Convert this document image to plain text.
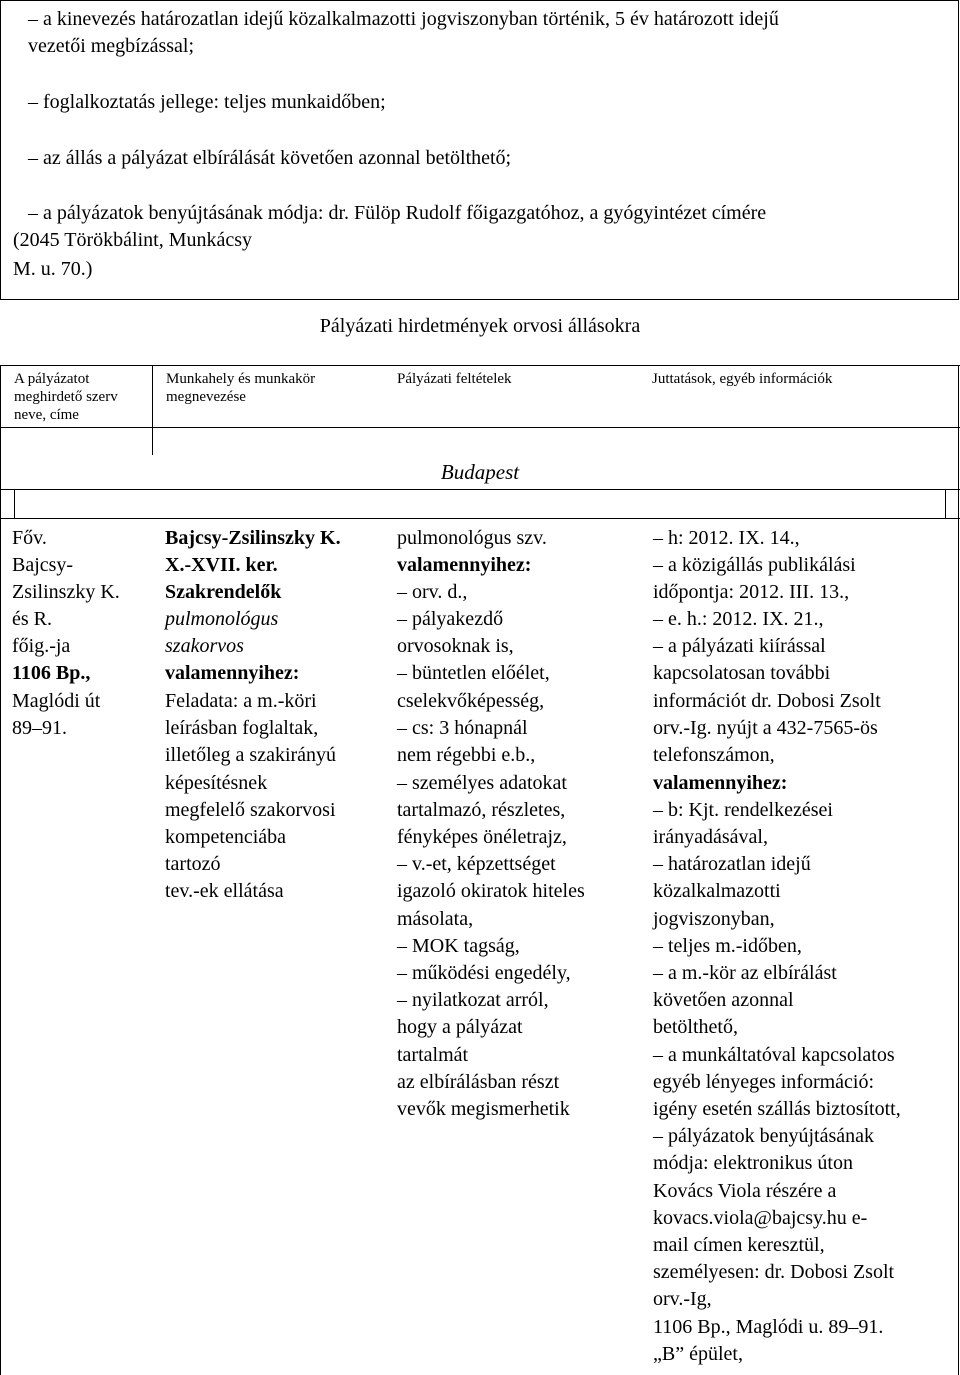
– a kinevezés határozatlan idejű közalkalmazotti jogviszonyban történik, 5 év határozott idejű
vezetői megbízással;
– foglalkoztatás jellege: teljes munkaidőben;
– az állás a pályázat elbírálását követően azonnal betölthető;
– a pályázatok benyújtásának módja: dr. Fülöp Rudolf főigazgatóhoz, a gyógyintézet címére
(2045 Törökbálint, Munkácsy
M. u. 70.)
Pályázati hirdetmények orvosi állásokra
A pályázatot
meghirdető szerv
neve, címe
Munkahely és munkakör
megnevezése
Pályázati feltételek	Juttatások, egyéb információk
Budapest
Főv.
Bajcsy-
Zsilinszky K.
és R.
főig.-ja
1106 Bp.,
Maglódi út
89–91.
Bajcsy-Zsilinszky K.
X.-XVII. ker.
Szakrendelők
pulmonológus
szakorvos
valamennyihez:
Feladata: a m.-köri
leírásban foglaltak,
illetőleg a szakirányú
képesítésnek
megfelelő szakorvosi
kompetenciába
tartozó
tev.-ek ellátása
pulmonológus szv.
valamennyihez:
– orv. d.,
– pályakezdő
orvosoknak is,
– büntetlen előélet,
cselekvőképesség,
– cs: 3 hónapnál
nem régebbi e.b.,
– személyes adatokat
tartalmazó, részletes,
fényképes önéletrajz,
– v.-et, képzettséget
igazoló okiratok hiteles
másolata,
– MOK tagság,
– működési engedély,
– nyilatkozat arról,
hogy a pályázat
tartalmát
az elbírálásban részt
vevők megismerhetik
– h: 2012. IX. 14.,
– a közigállás publikálási
időpontja: 2012. III. 13.,
– e. h.: 2012. IX. 21.,
– a pályázati kiírással
kapcsolatosan további
információt dr. Dobosi Zsolt
orv.-Ig. nyújt a 432-7565-ös
telefonszámon,
valamennyihez:
– b: Kjt. rendelkezései
irányadásával,
– határozatlan idejű
közalkalmazotti
jogviszonyban,
– teljes m.-időben,
– a m.-kör az elbírálást
követően azonnal
betölthető,
– a munkáltatóval kapcsolatos
egyéb lényeges információ:
igény esetén szállás biztosított,
– pályázatok benyújtásának
módja: elektronikus úton
Kovács Viola részére a
kovacs.viola@bajcsy.hu e-
mail címen keresztül,
személyesen: dr. Dobosi Zsolt
orv.-Ig,
1106 Bp., Maglódi u. 89–91.
„B” épület,
